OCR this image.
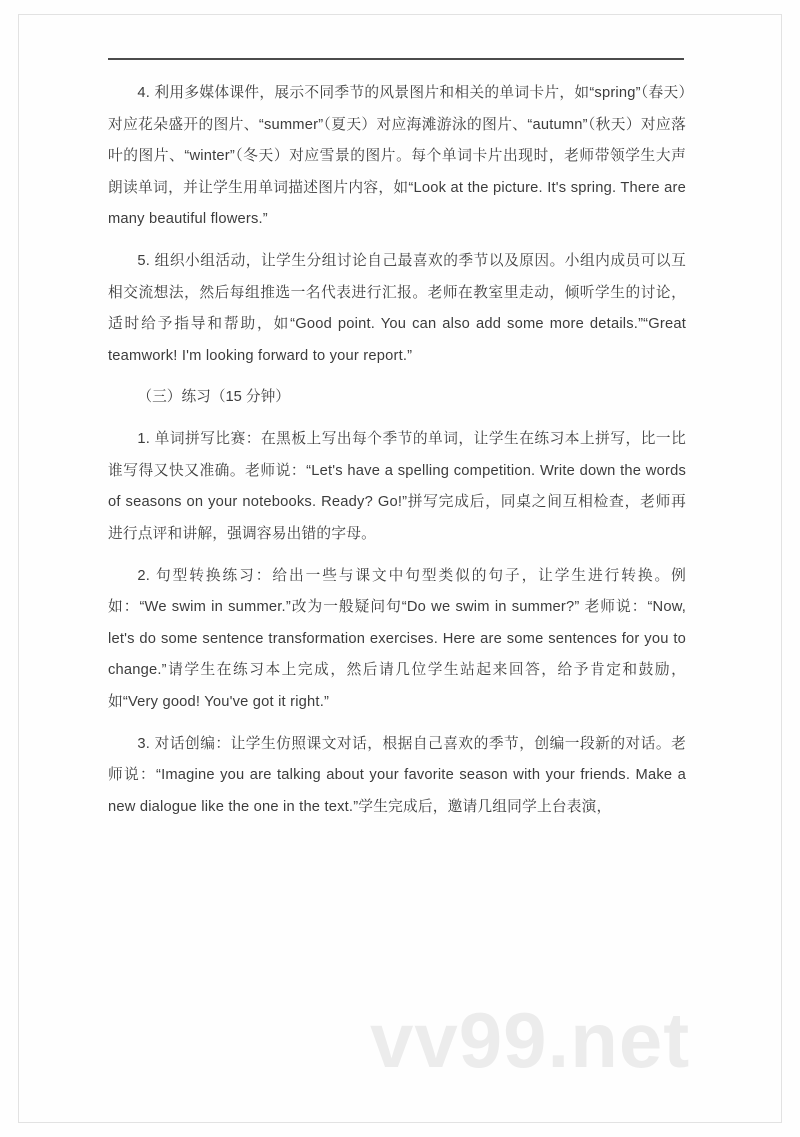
4. 利用多媒体课件，展示不同季节的风景图片和相关的单词卡片，如“spring”（春天）对应花朵盛开的图片、“summer”（夏天）对应海滩游泳的图片、“autumn”（秋天）对应落叶的图片、“winter”（冬天）对应雪景的图片。每个单词卡片出现时，老师带领学生大声朗读单词，并让学生用单词描述图片内容，如“Look at the picture. It's spring. There are many beautiful flowers.”

5. 组织小组活动，让学生分组讨论自己最喜欢的季节以及原因。小组内成员可以互相交流想法，然后每组推选一名代表进行汇报。老师在教室里走动，倾听学生的讨论，适时给予指导和帮助，如“Good point. You can also add some more details.”“Great teamwork! I'm looking forward to your report.”

（三）练习（15 分钟）

1. 单词拼写比赛：在黑板上写出每个季节的单词，让学生在练习本上拼写，比一比谁写得又快又准确。老师说：“Let's have a spelling competition. Write down the words of seasons on your notebooks. Ready? Go!”拼写完成后，同桌之间互相检查，老师再进行点评和讲解，强调容易出错的字母。

2. 句型转换练习：给出一些与课文中句型类似的句子，让学生进行转换。例如：“We swim in summer.”改为一般疑问句“Do we swim in summer?” 老师说：“Now, let's do some sentence transformation exercises. Here are some sentences for you to change.”请学生在练习本上完成，然后请几位学生站起来回答，给予肯定和鼓励，如“Very good! You've got it right.”

3. 对话创编：让学生仿照课文对话，根据自己喜欢的季节，创编一段新的对话。老师说：“Imagine you are talking about your favorite season with your friends. Make a new dialogue like the one in the text.”学生完成后，邀请几组同学上台表演，

vv99.net
